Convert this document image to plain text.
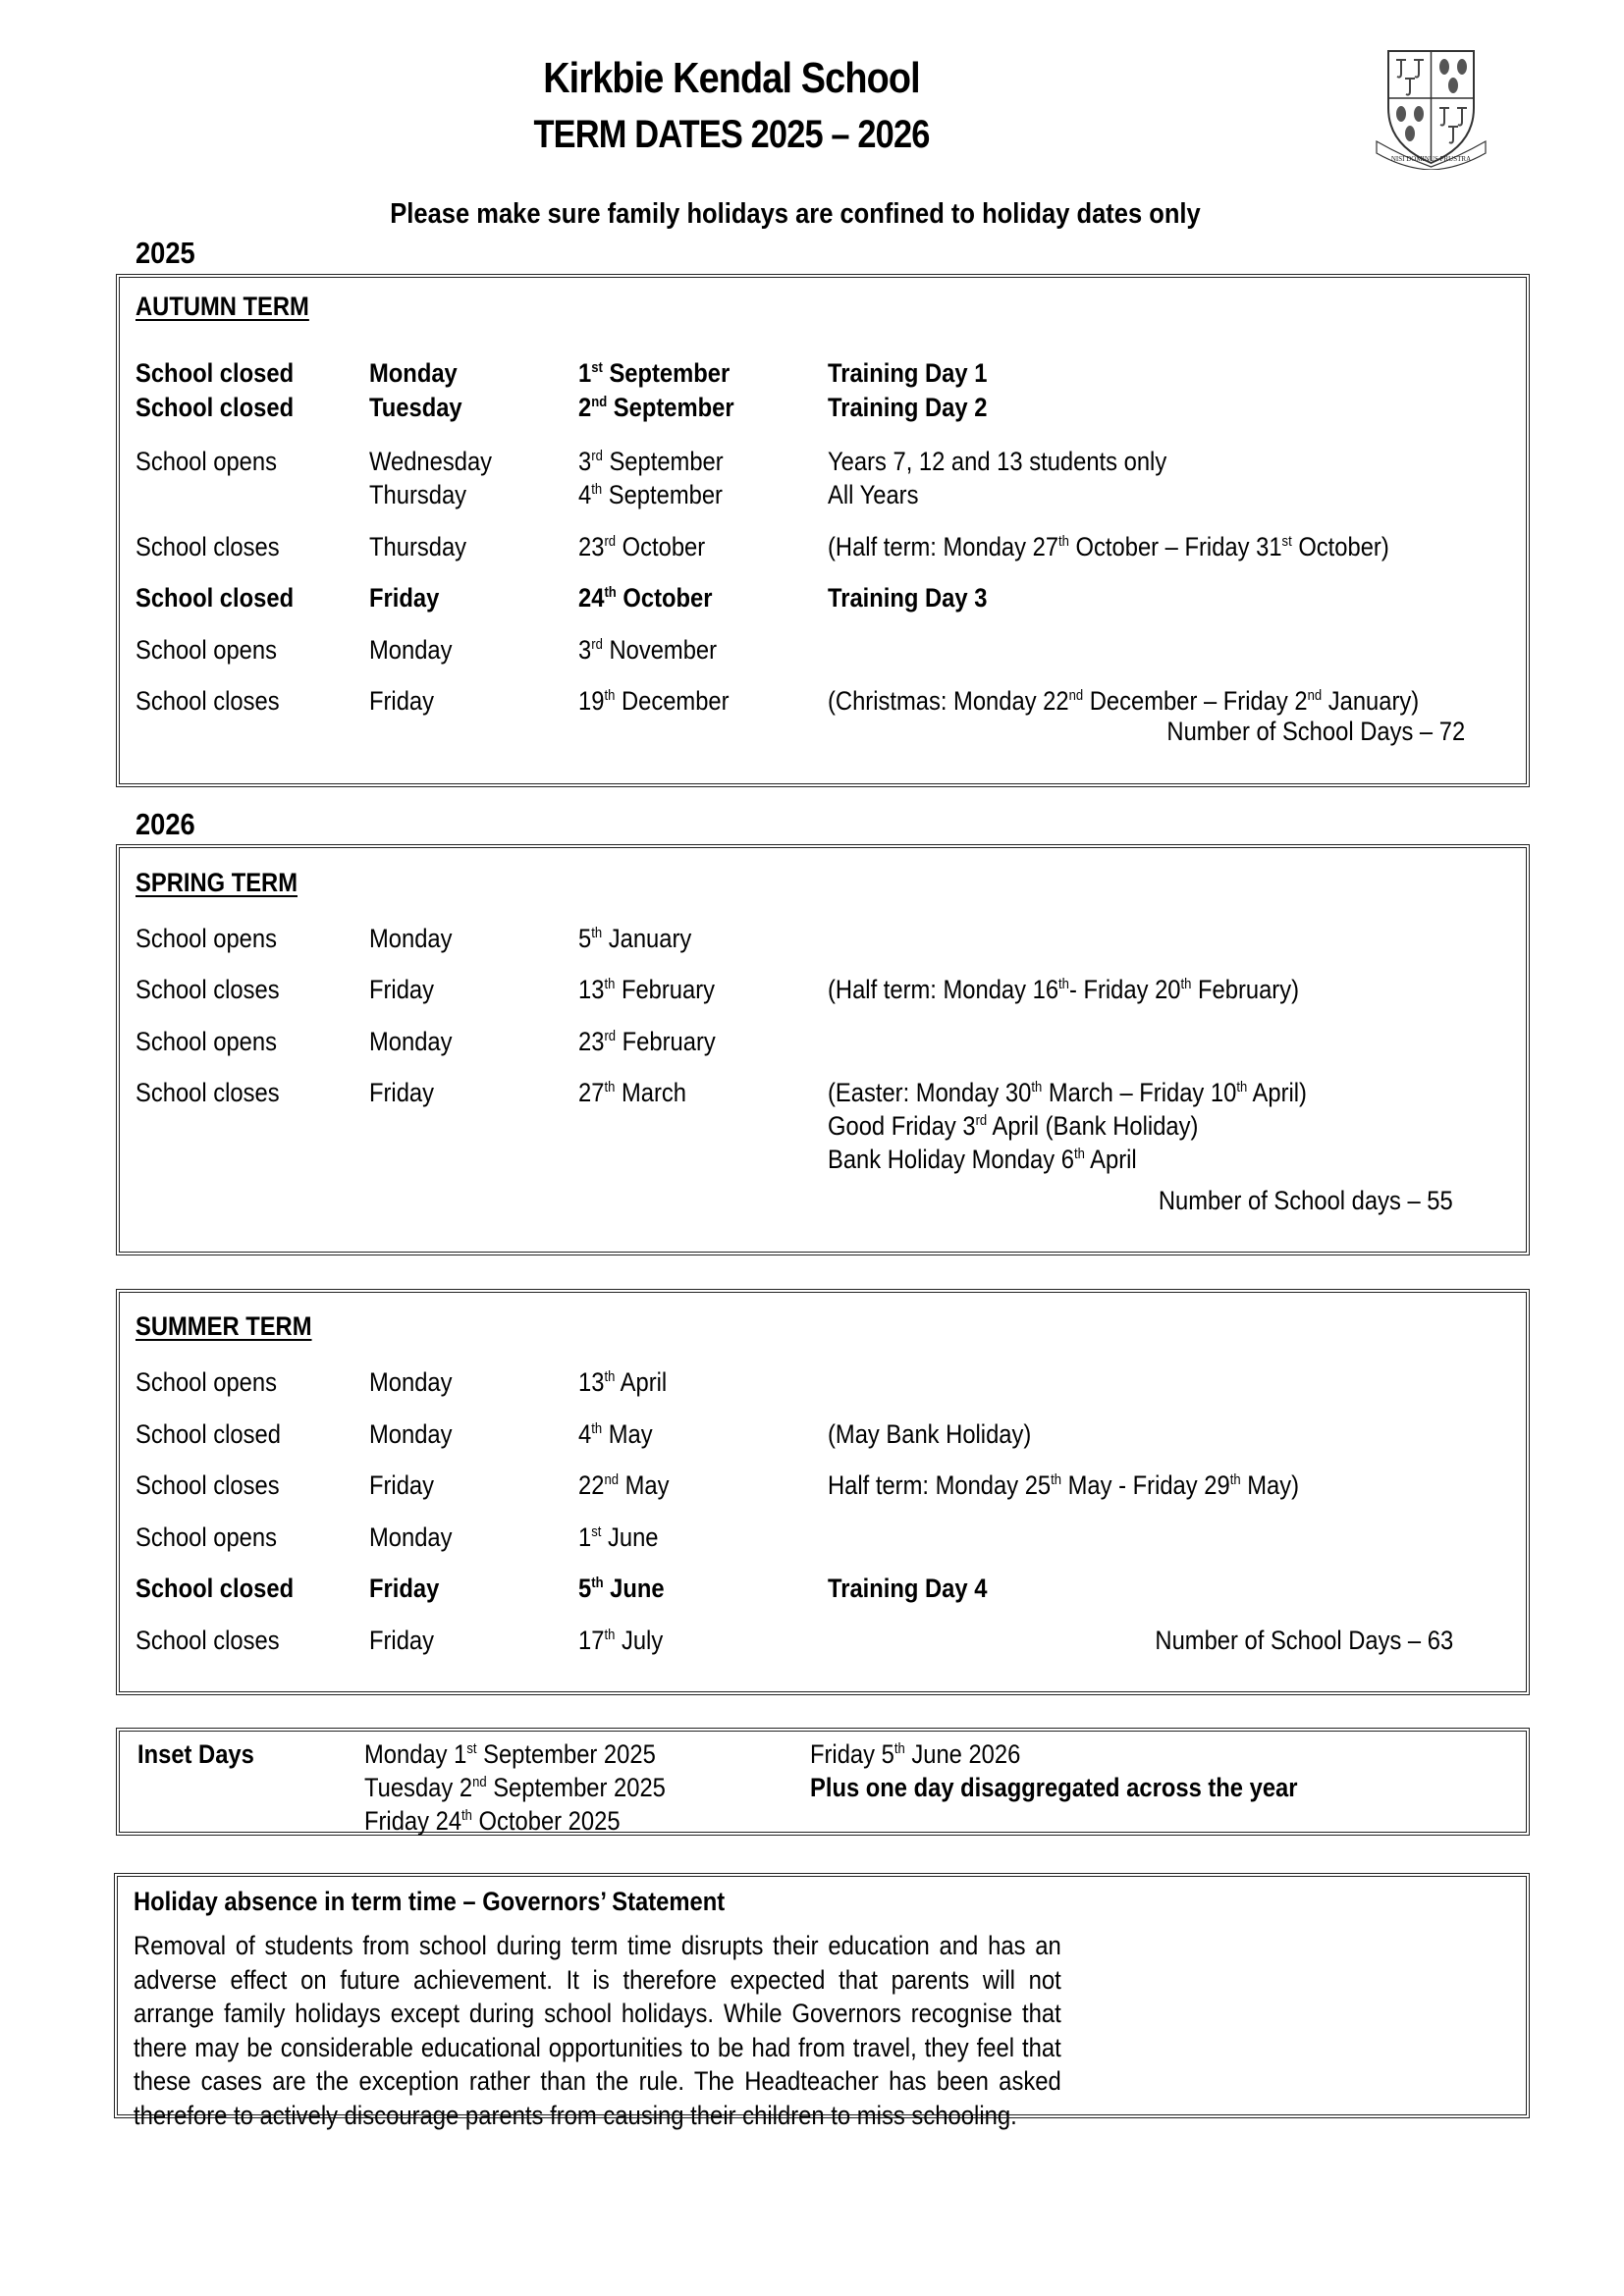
Kirkbie Kendal School
TERM DATES 2025 – 2026
NISI DOMINUS FRUSTRA
Please make sure family holidays are confined to holiday dates only
2025
AUTUMN TERM
School closed	Monday	1st September	Training Day 1
School closed	Tuesday	2nd September	Training Day 2
School opens	Wednesday	3rd September	Years 7, 12 and 13 students only
Thursday	4th September	All Years
School closes	Thursday	23rd October	(Half term: Monday 27th October – Friday 31st October)
School closed	Friday	24th October	Training Day 3
School opens	Monday	3rd November
School closes	Friday	19th December	(Christmas: Monday 22nd December – Friday 2nd January)
Number of School Days – 72
2026
SPRING TERM
School opens	Monday	5th January
School closes	Friday	13th February	(Half term: Monday 16th- Friday 20th February)
School opens	Monday	23rd February
School closes	Friday	27th March	(Easter: Monday 30th March – Friday 10th April)
Good Friday 3rd April (Bank Holiday)
Bank Holiday Monday 6th April
Number of School days – 55
SUMMER TERM
School opens	Monday	13th April
School closed	Monday	4th May	(May Bank Holiday)
School closes	Friday	22nd May	Half term: Monday 25th May - Friday 29th May)
School opens	Monday	1st June
School closed	Friday	5th June	Training Day 4
School closes	Friday	17th July	Number of School Days – 63
Inset Days	Monday 1st September 2025
Tuesday 2nd September 2025
Friday 24th October 2025
Friday 5th June 2026
Plus one day disaggregated across the year
Holiday absence in term time – Governors’ Statement
Removal of students from school during term time disrupts their education and has an adverse effect on future achievement. It is therefore expected that parents will not arrange family holidays except during school holidays. While Governors recognise that there may be considerable educational opportunities to be had from travel, they feel that these cases are the exception rather than the rule. The Headteacher has been asked therefore to actively discourage parents from causing their children to miss schooling.
